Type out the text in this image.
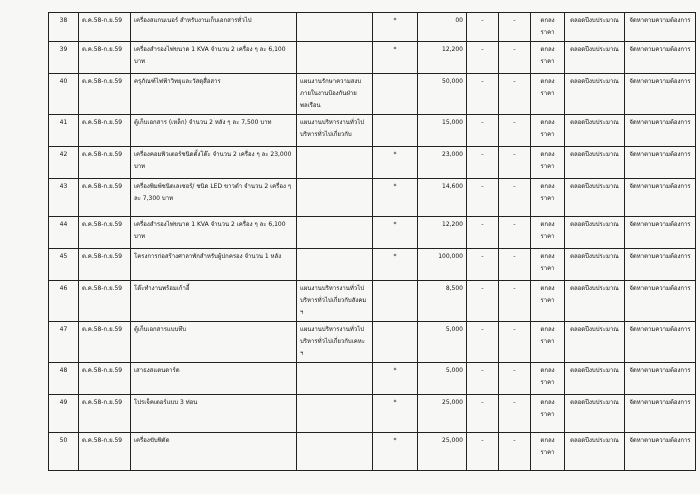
38	ต.ค.58-ก.ย.59	เครื่องสแกนเนอร์ สำหรับงานเก็บเอกสารทั่วไป		*	00	-	-	ตกลงราคา	ตลอดปีงบประมาณ	จัดหาตามความต้องการ
39	ต.ค.58-ก.ย.59	เครื่องสำรองไฟขนาด 1 KVA จำนวน 2 เครื่อง ๆ ละ 6,100 บาท		*	12,200	-	-	ตกลงราคา	ตลอดปีงบประมาณ	จัดหาตามความต้องการ
40	ต.ค.58-ก.ย.59	ครุภัณฑ์ไฟฟ้าวิทยุและวัสดุสื่อสาร	แผนงานรักษาความสงบ ภายในงานป้องกันฝ่ายพลเรือน		50,000	-	-	ตกลงราคา	ตลอดปีงบประมาณ	จัดหาตามความต้องการ
41	ต.ค.58-ก.ย.59	ตู้เก็บเอกสาร (เหล็ก) จำนวน 2 หลัง ๆ ละ 7,500 บาท	แผนงานบริหารงานทั่วไป บริหารทั่วไปเกี่ยวกับ		15,000	-	-	ตกลงราคา	ตลอดปีงบประมาณ	จัดหาตามความต้องการ
42	ต.ค.58-ก.ย.59	เครื่องคอมพิวเตอร์ชนิดตั้งโต๊ะ จำนวน 2 เครื่อง ๆ ละ 23,000 บาท		*	23,000	-	-	ตกลงราคา	ตลอดปีงบประมาณ	จัดหาตามความต้องการ
43	ต.ค.58-ก.ย.59	เครื่องพิมพ์ชนิดเลเซอร์/ ชนิด LED ขาวดำ จำนวน 2 เครื่อง ๆ ละ 7,300 บาท		*	14,600	-	-	ตกลงราคา	ตลอดปีงบประมาณ	จัดหาตามความต้องการ
44	ต.ค.58-ก.ย.59	เครื่องสำรองไฟขนาด 1 KVA จำนวน 2 เครื่อง ๆ ละ 6,100 บาท		*	12,200	-	-	ตกลงราคา	ตลอดปีงบประมาณ	จัดหาตามความต้องการ
45	ต.ค.58-ก.ย.59	โครงการก่อสร้างศาลาพักสำหรับผู้ปกครอง จำนวน 1 หลัง		*	100,000	-	-	ตกลงราคา	ตลอดปีงบประมาณ	จัดหาตามความต้องการ
46	ต.ค.58-ก.ย.59	โต๊ะทำงานพร้อมเก้าอี้	แผนงานบริหารงานทั่วไป บริหารทั่วไปเกี่ยวกับสังคม ฯ		8,500	-	-	ตกลงราคา	ตลอดปีงบประมาณ	จัดหาตามความต้องการ
47	ต.ค.58-ก.ย.59	ตู้เก็บเอกสารแบบทึบ	แผนงานบริหารงานทั่วไป บริหารทั่วไปเกี่ยวกับเคหะ ฯ		5,000	-	-	ตกลงราคา	ตลอดปีงบประมาณ	จัดหาตามความต้องการ
48	ต.ค.58-ก.ย.59	เสาธงสแตนดาร์ด		*	5,000	-	-	ตกลงราคา	ตลอดปีงบประมาณ	จัดหาตามความต้องการ
49	ต.ค.58-ก.ย.59	โปรเจ็คเตอร์แบบ 3 ท่อน		*	25,000	-	-	ตกลงราคา	ตลอดปีงบประมาณ	จัดหาตามความต้องการ
50	ต.ค.58-ก.ย.59	เครื่องขับพิตัด		*	25,000	-	-	ตกลงราคา	ตลอดปีงบประมาณ	จัดหาตามความต้องการ
